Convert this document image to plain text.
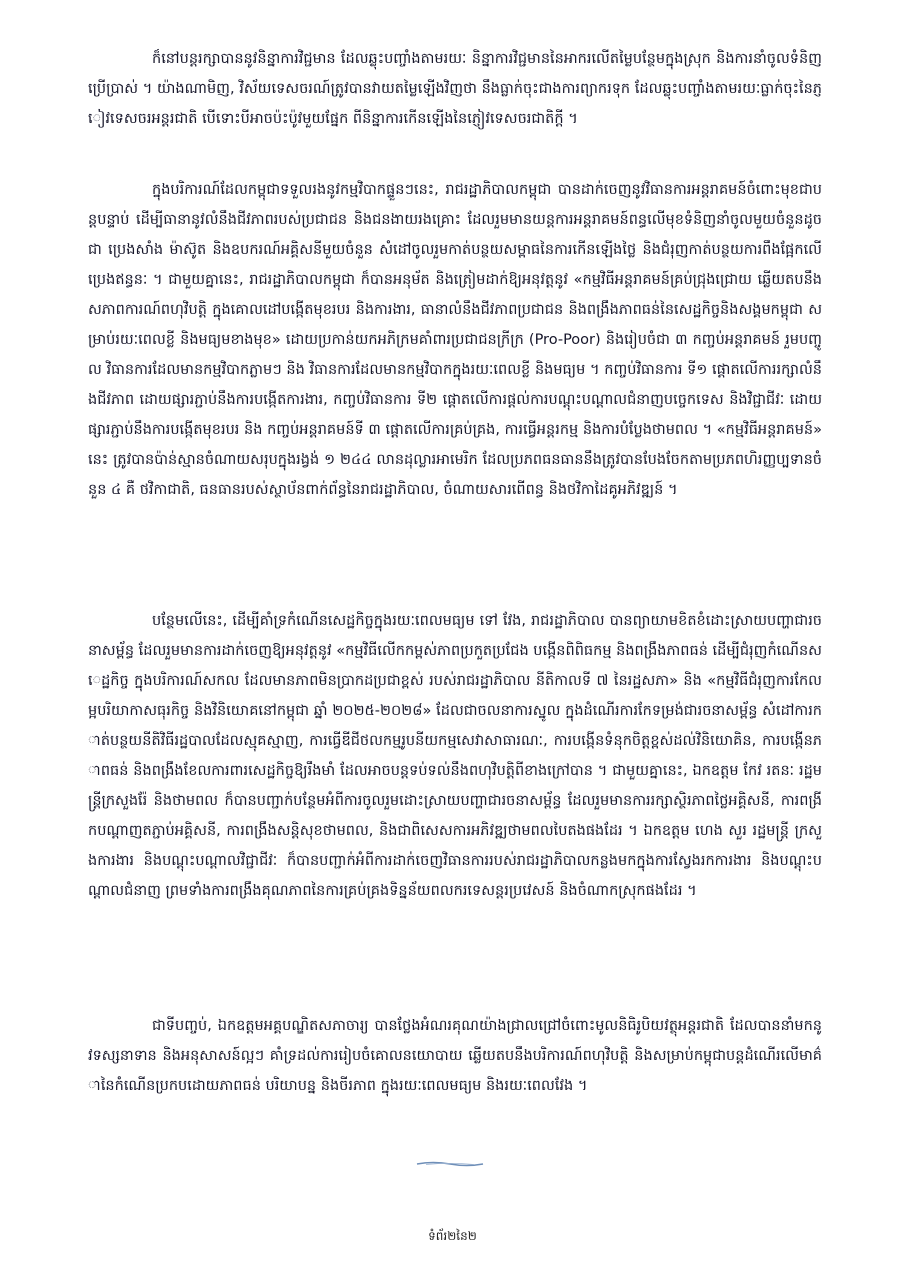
ក៏នៅបន្តរក្សាបាននូវនិន្នាការវិជ្ជមាន ដែលឆ្លុះបញ្ចាំងតាមរយៈ និន្នាការវិជ្ជមាននៃអាករលើតម្លៃបន្ថែមក្នុងស្រុក និងការនាំចូលទំនិញប្រើប្រាស់ ។ យ៉ាងណាមិញ, វិស័យទេសចរណ៍ត្រូវបានវាយតម្លៃឡើងវិញថា នឹងធ្លាក់ចុះជាងការព្យាករទុក ដែលឆ្លុះបញ្ចាំងតាមរយៈធ្លាក់ចុះនៃភ្ញៀវទេសចរអន្តរជាតិ បើទោះបីអាចប៉ះប៉ូវមួយផ្នែក ពីនិន្នាការកើនឡើងនៃភ្ញៀវទេសចរជាតិក្តី ។

ក្នុងបរិការណ៍ដែលកម្ពុជាទទួលរងនូវកម្មវិបាកផ្ទួនៗនេះ, រាជរដ្ឋាភិបាលកម្ពុជា បានដាក់ចេញនូវវិធានការអន្តរាគមន៍ចំពោះមុខជាបន្តបន្ទាប់ ដើម្បីធានានូវលំនឹងជីវភាពរបស់ប្រជាជន និងជនងាយរងគ្រោះ ដែលរួមមានយន្តការអន្តរាគមន៍ពន្ធលើមុខទំនិញនាំចូលមួយចំនួនដូចជា ប្រេងសាំង ម៉ាស៊ូត និងឧបករណ៍អគ្គិសនីមួយចំនួន សំដៅចូលរួមកាត់បន្ថយសម្ពាធនៃការកើនឡើងថ្លៃ និងជំរុញកាត់បន្ថយការពឹងផ្អែកលើប្រេងឥន្ធនៈ ។ ជាមួយគ្នានេះ, រាជរដ្ឋាភិបាលកម្ពុជា ក៏បានអនុម័ត និងត្រៀមដាក់ឱ្យអនុវត្តនូវ «កម្មវិធីអន្តរាគមន៍គ្រប់ជ្រុងជ្រោយ ឆ្លើយតបនឹងសភាពការណ៍ពហុវិបត្តិ ក្នុងគោលដៅបង្កើតមុខរបរ និងការងារ, ធានាលំនឹងជីវភាពប្រជាជន និងពង្រឹងភាពធន់នៃសេដ្ឋកិច្ចនិងសង្គមកម្ពុជា សម្រាប់រយៈពេលខ្លី និងមធ្យមខាងមុខ» ដោយប្រកាន់យកអភិក្រមគាំពារប្រជាជនក្រីក្រ (Pro-Poor) និងរៀបចំជា ៣ កញ្ចប់អន្តរាគមន៍ រួមបញ្ចូល វិធានការដែលមានកម្មវិបាកភ្លាមៗ និង វិធានការដែលមានកម្មវិបាកក្នុងរយៈពេលខ្លី និងមធ្យម ។ កញ្ចប់វិធានការ ទី១ ផ្តោតលើការរក្សាលំនឹងជីវភាព ដោយផ្សារភ្ជាប់នឹងការបង្កើតការងារ, កញ្ចប់វិធានការ ទី២ ផ្តោតលើការផ្តល់ការបណ្តុះបណ្តាលជំនាញបច្ចេកទេស និងវិជ្ជាជីវៈ ដោយផ្សារភ្ជាប់នឹងការបង្កើតមុខរបរ និង កញ្ចប់អន្តរាគមន៍ទី ៣ ផ្តោតលើការគ្រប់គ្រង, ការធ្វើអន្តរកម្ម និងការបំប្លែងថាមពល ។ «កម្មវិធីអន្តរាគមន៍» នេះ ត្រូវបានប៉ាន់ស្មានចំណាយសរុបក្នុងរង្វង់ ១ ២៤៤ លានដុល្លារអាមេរិក ដែលប្រភពធនធាននឹងត្រូវបានបែងចែកតាមប្រភពហិរញ្ញប្បទានចំនួន ៤ គឺ ថវិកាជាតិ, ធនធានរបស់ស្ថាប័នពាក់ព័ន្ធនៃរាជរដ្ឋាភិបាល, ចំណាយសារពើពន្ធ និងថវិកាដៃគូអភិវឌ្ឍន៍ ។

បន្ថែមលើនេះ, ដើម្បីគាំទ្រកំណើនសេដ្ឋកិច្ចក្នុងរយៈពេលមធ្យម ទៅ វែង, រាជរដ្ឋាភិបាល បានព្យាយាមខិតខំដោះស្រាយបញ្ហាជារចនាសម្ព័ន្ធ ដែលរួមមានការដាក់ចេញឱ្យអនុវត្តនូវ «កម្មវិធីលើកកម្ពស់ភាពប្រកួតប្រជែង បង្កើនពិពិធកម្ម និងពង្រឹងភាពធន់ ដើម្បីជំរុញកំណើនសេដ្ឋកិច្ច ក្នុងបរិការណ៍សកល ដែលមានភាពមិនប្រាកដប្រជាខ្ពស់ របស់រាជរដ្ឋាភិបាល នីតិកាលទី ៧ នៃរដ្ឋសភា» និង «កម្មវិធីជំរុញការកែលម្អបរិយាកាសធុរកិច្ច និងវិនិយោគនៅកម្ពុជា ឆ្នាំ ២០២៥-២០២៨» ដែលជាចលនាការស្នូល ក្នុងដំណើរការកែទម្រង់ជារចនាសម្ព័ន្ធ សំដៅការកាត់បន្ថយនីតិវិធីរដ្ឋបាលដែលស្មុគស្មាញ, ការធ្វើឌីជីថលកម្មរូបនីយកម្មសេវាសាធារណៈ, ការបង្កើនទំនុកចិត្តខ្ពស់ដល់វិនិយោគិន, ការបង្កើនភាពធន់ និងពង្រឹងខែលការពារសេដ្ឋកិច្ចឱ្យរឹងមាំ ដែលអាចបន្តទប់ទល់នឹងពហុវិបត្តិពីខាងក្រៅបាន ។ ជាមួយគ្នានេះ, ឯកឧត្តម កែវ រតនៈ រដ្ឋមន្ត្រីក្រសួងរ៉ែ និងថាមពល ក៏បានបញ្ជាក់បន្ថែមអំពីការចូលរួមដោះស្រាយបញ្ហាជារចនាសម្ព័ន្ធ ដែលរួមមានការរក្សាស្ថិរភាពថ្លៃអគ្គិសនី, ការពង្រីកបណ្តាញតភ្ជាប់អគ្គិសនី, ការពង្រឹងសន្តិសុខថាមពល, និងជាពិសេសការអភិវឌ្ឍថាមពលបៃតងផងដែរ ។ ឯកឧត្តម ហេង សួរ រដ្ឋមន្ត្រី ក្រសួងការងារ និងបណ្តុះបណ្តាលវិជ្ជាជីវៈ ក៏បានបញ្ជាក់អំពីការដាក់ចេញវិធានការរបស់រាជរដ្ឋាភិបាលកន្លងមកក្នុងការស្វែងរកការងារ និងបណ្តុះបណ្តាលជំនាញ ព្រមទាំងការពង្រឹងគុណភាពនៃការគ្រប់គ្រងទិន្នន័យពលករទេសន្តរប្រវេសន៍ និងចំណាកស្រុកផងដែរ ។

ជាទីបញ្ចប់, ឯកឧត្តមអគ្គបណ្ឌិតសភាចារ្យ បានថ្លែងអំណរគុណយ៉ាងជ្រាលជ្រៅចំពោះមូលនិធិរូបិយវត្ថុអន្តរជាតិ ដែលបាននាំមកនូវទស្សនាទាន និងអនុសាសន៍ល្អៗ គាំទ្រដល់ការរៀបចំគោលនយោបាយ ឆ្លើយតបនឹងបរិការណ៍ពហុវិបត្តិ និងសម្រាប់កម្ពុជាបន្តដំណើរលើមាគ៌ានៃកំណើនប្រកបដោយភាពធន់ បរិយាបន្ន និងចីរភាព ក្នុងរយៈពេលមធ្យម និងរយៈពេលវែង ។

ទំព័រ២នៃ២
